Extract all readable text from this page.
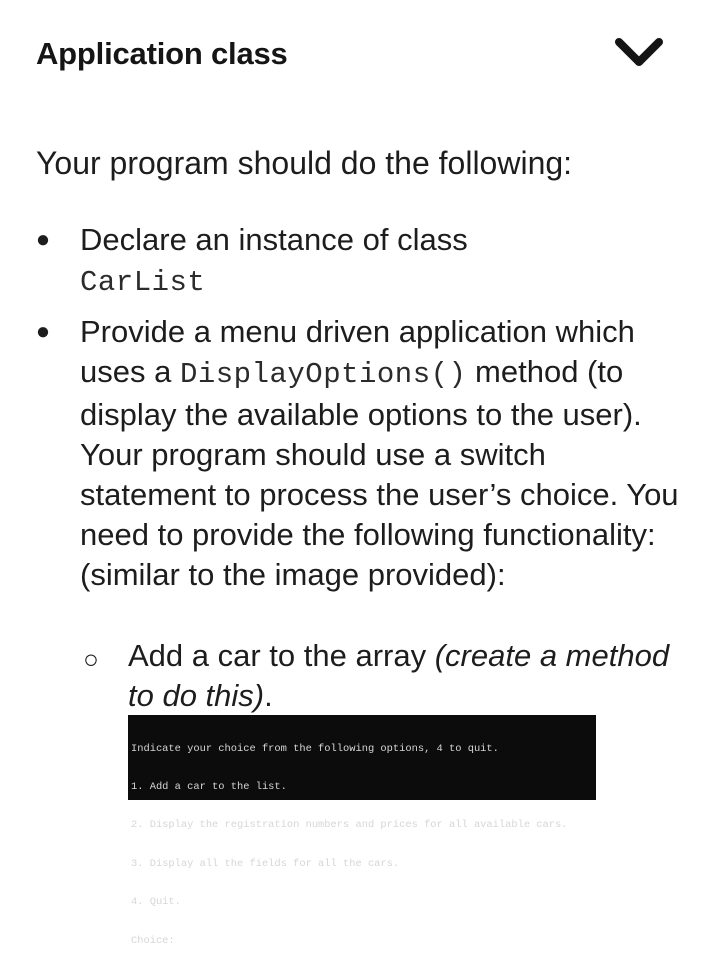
Application class
Your program should do the following:
● Declare an instance of class
CarList
● Provide a menu driven application which uses a DisplayOptions() method (to display the available options to the user). Your program should use a switch statement to process the user’s choice. You need to provide the following functionality: (similar to the image provided):
○ Add a car to the array (create a method to do this).

Indicate your choice from the following options, 4 to quit.

1. Add a car to the list.

2. Display the registration numbers and prices for all available cars.

3. Display all the fields for all the cars.

4. Quit.

Choice:
